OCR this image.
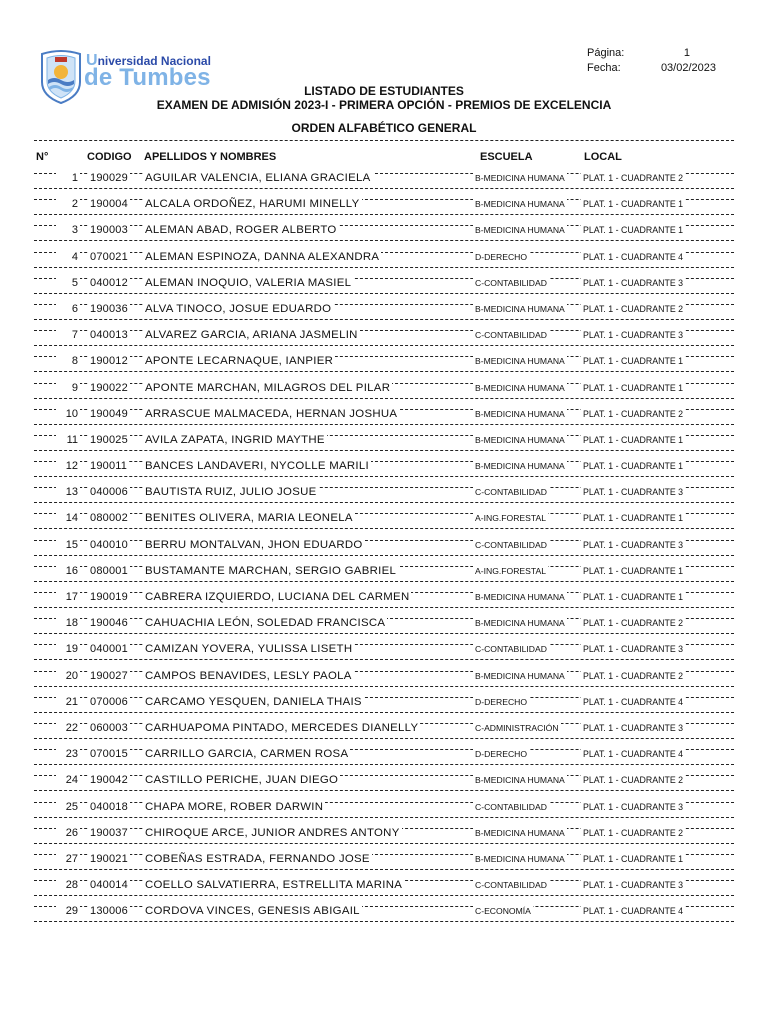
Universidad Nacional
de Tumbes
Página:
Fecha:
1
03/02/2023
LISTADO DE ESTUDIANTES
EXAMEN DE ADMISIÓN 2023-I - PRIMERA OPCIÓN - PREMIOS DE EXCELENCIA
ORDEN ALFABÉTICO GENERAL
N°	CODIGO APELLIDOS Y NOMBRES	ESCUELA	LOCAL
1 190029 AGUILAR VALENCIA, ELIANA GRACIELA	B-MEDICINA HUMANA PLAT. 1 - CUADRANTE 2
2 190004 ALCALA ORDOÑEZ, HARUMI MINELLY	B-MEDICINA HUMANA PLAT. 1 - CUADRANTE 1
3 190003 ALEMAN ABAD, ROGER ALBERTO	B-MEDICINA HUMANA PLAT. 1 - CUADRANTE 1
4 070021 ALEMAN ESPINOZA, DANNA ALEXANDRA	D-DERECHO	PLAT. 1 - CUADRANTE 4
5 040012 ALEMAN INOQUIO, VALERIA MASIEL	C-CONTABILIDAD	PLAT. 1 - CUADRANTE 3
6 190036 ALVA TINOCO, JOSUE EDUARDO	B-MEDICINA HUMANA PLAT. 1 - CUADRANTE 2
7 040013 ALVAREZ GARCIA, ARIANA JASMELIN	C-CONTABILIDAD	PLAT. 1 - CUADRANTE 3
8 190012 APONTE LECARNAQUE, IANPIER	B-MEDICINA HUMANA PLAT. 1 - CUADRANTE 1
9 190022 APONTE MARCHAN, MILAGROS DEL PILAR	B-MEDICINA HUMANA PLAT. 1 - CUADRANTE 1
10 190049 ARRASCUE MALMACEDA, HERNAN JOSHUA	B-MEDICINA HUMANA PLAT. 1 - CUADRANTE 2
11 190025 AVILA ZAPATA, INGRID MAYTHE	B-MEDICINA HUMANA PLAT. 1 - CUADRANTE 1
12 190011 BANCES LANDAVERI, NYCOLLE MARILI	B-MEDICINA HUMANA PLAT. 1 - CUADRANTE 1
13 040006 BAUTISTA RUIZ, JULIO JOSUE	C-CONTABILIDAD	PLAT. 1 - CUADRANTE 3
14 080002 BENITES OLIVERA, MARIA LEONELA	A-ING.FORESTAL	PLAT. 1 - CUADRANTE 1
15 040010 BERRU MONTALVAN, JHON EDUARDO	C-CONTABILIDAD	PLAT. 1 - CUADRANTE 3
16 080001 BUSTAMANTE MARCHAN, SERGIO GABRIEL	A-ING.FORESTAL	PLAT. 1 - CUADRANTE 1
17 190019 CABRERA IZQUIERDO, LUCIANA DEL CARMEN	B-MEDICINA HUMANA PLAT. 1 - CUADRANTE 1
18 190046 CAHUACHIA LEÓN, SOLEDAD FRANCISCA	B-MEDICINA HUMANA PLAT. 1 - CUADRANTE 2
19 040001 CAMIZAN YOVERA, YULISSA LISETH	C-CONTABILIDAD	PLAT. 1 - CUADRANTE 3
20 190027 CAMPOS BENAVIDES, LESLY PAOLA	B-MEDICINA HUMANA PLAT. 1 - CUADRANTE 2
21 070006 CARCAMO YESQUEN, DANIELA THAIS	D-DERECHO	PLAT. 1 - CUADRANTE 4
22 060003 CARHUAPOMA PINTADO, MERCEDES DIANELLY	C-ADMINISTRACIÓN	PLAT. 1 - CUADRANTE 3
23 070015 CARRILLO GARCIA, CARMEN ROSA	D-DERECHO	PLAT. 1 - CUADRANTE 4
24 190042 CASTILLO PERICHE, JUAN DIEGO	B-MEDICINA HUMANA PLAT. 1 - CUADRANTE 2
25 040018 CHAPA MORE, ROBER DARWIN	C-CONTABILIDAD	PLAT. 1 - CUADRANTE 3
26 190037 CHIROQUE ARCE, JUNIOR ANDRES ANTONY	B-MEDICINA HUMANA PLAT. 1 - CUADRANTE 2
27 190021 COBEÑAS ESTRADA, FERNANDO JOSE	B-MEDICINA HUMANA PLAT. 1 - CUADRANTE 1
28 040014 COELLO SALVATIERRA, ESTRELLITA MARINA	C-CONTABILIDAD	PLAT. 1 - CUADRANTE 3
29 130006 CORDOVA VINCES, GENESIS ABIGAIL	C-ECONOMÍA	PLAT. 1 - CUADRANTE 4
